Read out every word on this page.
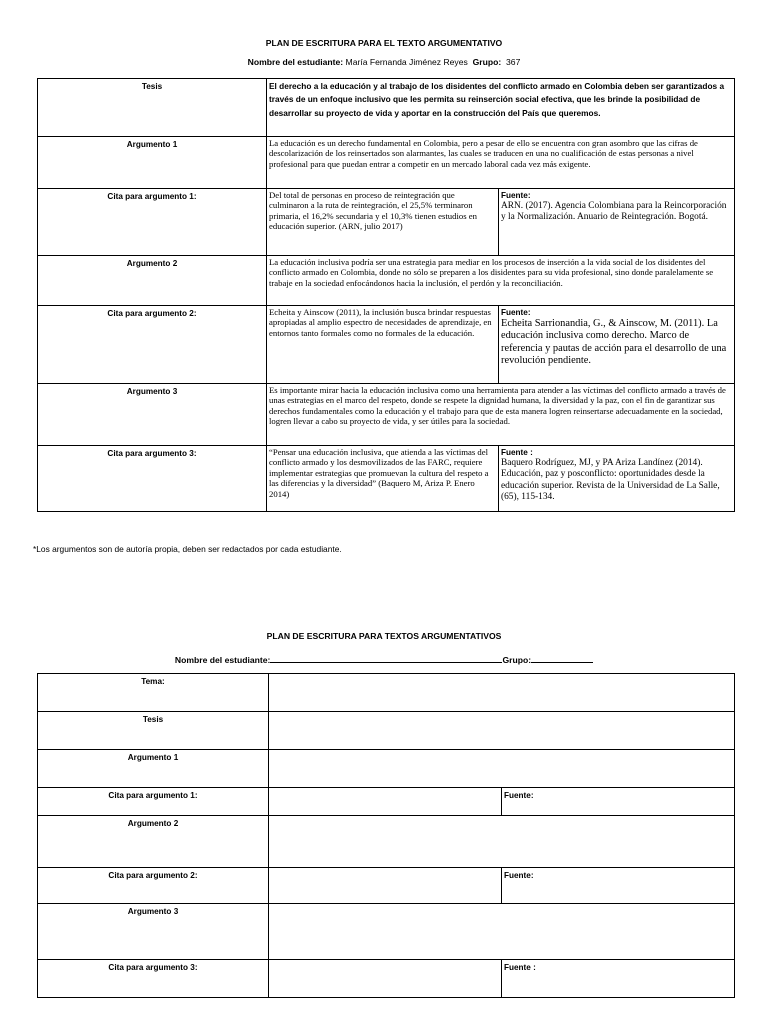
PLAN DE ESCRITURA PARA EL TEXTO ARGUMENTATIVO
Nombre del estudiante: María Fernanda Jiménez Reyes Grupo: 367
Tesis	El derecho a la educación y al trabajo de los disidentes del conflicto armado en Colombia deben ser garantizados a través de un enfoque inclusivo que les permita su reinserción social efectiva, que les brinde la posibilidad de desarrollar su proyecto de vida y aportar en la construcción del País que queremos.	
Argumento 1	La educación es un derecho fundamental en Colombia, pero a pesar de ello se encuentra con gran asombro que las cifras de descolarización de los reinsertados son alarmantes, las cuales se traducen en una no cualificación de estas personas a nivel profesional para que puedan entrar a competir en un mercado laboral cada vez más exigente.	
Cita para argumento 1:	Del total de personas en proceso de reintegración que culminaron a la ruta de reintegración, el 25,5% terminaron primaria, el 16,2% secundaria y el 10,3% tienen estudios en educación superior. (ARN, julio 2017)	Fuente:
ARN. (2017). Agencia Colombiana para la Reincorporación y la Normalización. Anuario de Reintegración. Bogotá.

Argumento 2	La educación inclusiva podría ser una estrategia para mediar en los procesos de inserción a la vida social de los disidentes del conflicto armado en Colombia, donde no sólo se preparen a los disidentes para su vida profesional, sino donde paralelamente se trabaje en la sociedad enfocándonos hacia la inclusión, el perdón y la reconciliación.	
Cita para argumento 2:	Echeita y Ainscow (2011), la inclusión busca brindar respuestas apropiadas al amplio espectro de necesidades de aprendizaje, en entornos tanto formales como no formales de la educación.	Fuente:
Echeita Sarrionandia, G., & Ainscow, M. (2011). La educación inclusiva como derecho. Marco de referencia y pautas de acción para el desarrollo de una revolución pendiente.

Argumento 3	Es importante mirar hacia la educación inclusiva como una herramienta para atender a las víctimas del conflicto armado a través de unas estrategias en el marco del respeto, donde se respete la dignidad humana, la diversidad y la paz, con el fin de garantizar sus derechos fundamentales como la educación y el trabajo para que de esta manera logren reinsertarse adecuadamente en la sociedad, logren llevar a cabo su proyecto de vida, y ser útiles para la sociedad.	
Cita para argumento 3:	“Pensar una educación inclusiva, que atienda a las víctimas del conflicto armado y los desmovilizados de las FARC, requiere implementar estrategias que promuevan la cultura del respeto a las diferencias y la diversidad” (Baquero M, Ariza P. Enero 2014)	Fuente :
Baquero Rodríguez, MJ, y PA Ariza Landínez (2014). Educación, paz y posconflicto: oportunidades desde la educación superior. Revista de la Universidad de La Salle, (65), 115-134.
*Los argumentos son de autoría propia, deben ser redactados por cada estudiante.
PLAN DE ESCRITURA PARA TEXTOS ARGUMENTATIVOS
Nombre del estudiante:	Grupo:
Tema:		
Tesis		
Argumento 1		
Cita para argumento 1:		Fuente:

Argumento 2		
Cita para argumento 2:		Fuente:

Argumento 3		
Cita para argumento 3:		Fuente :
